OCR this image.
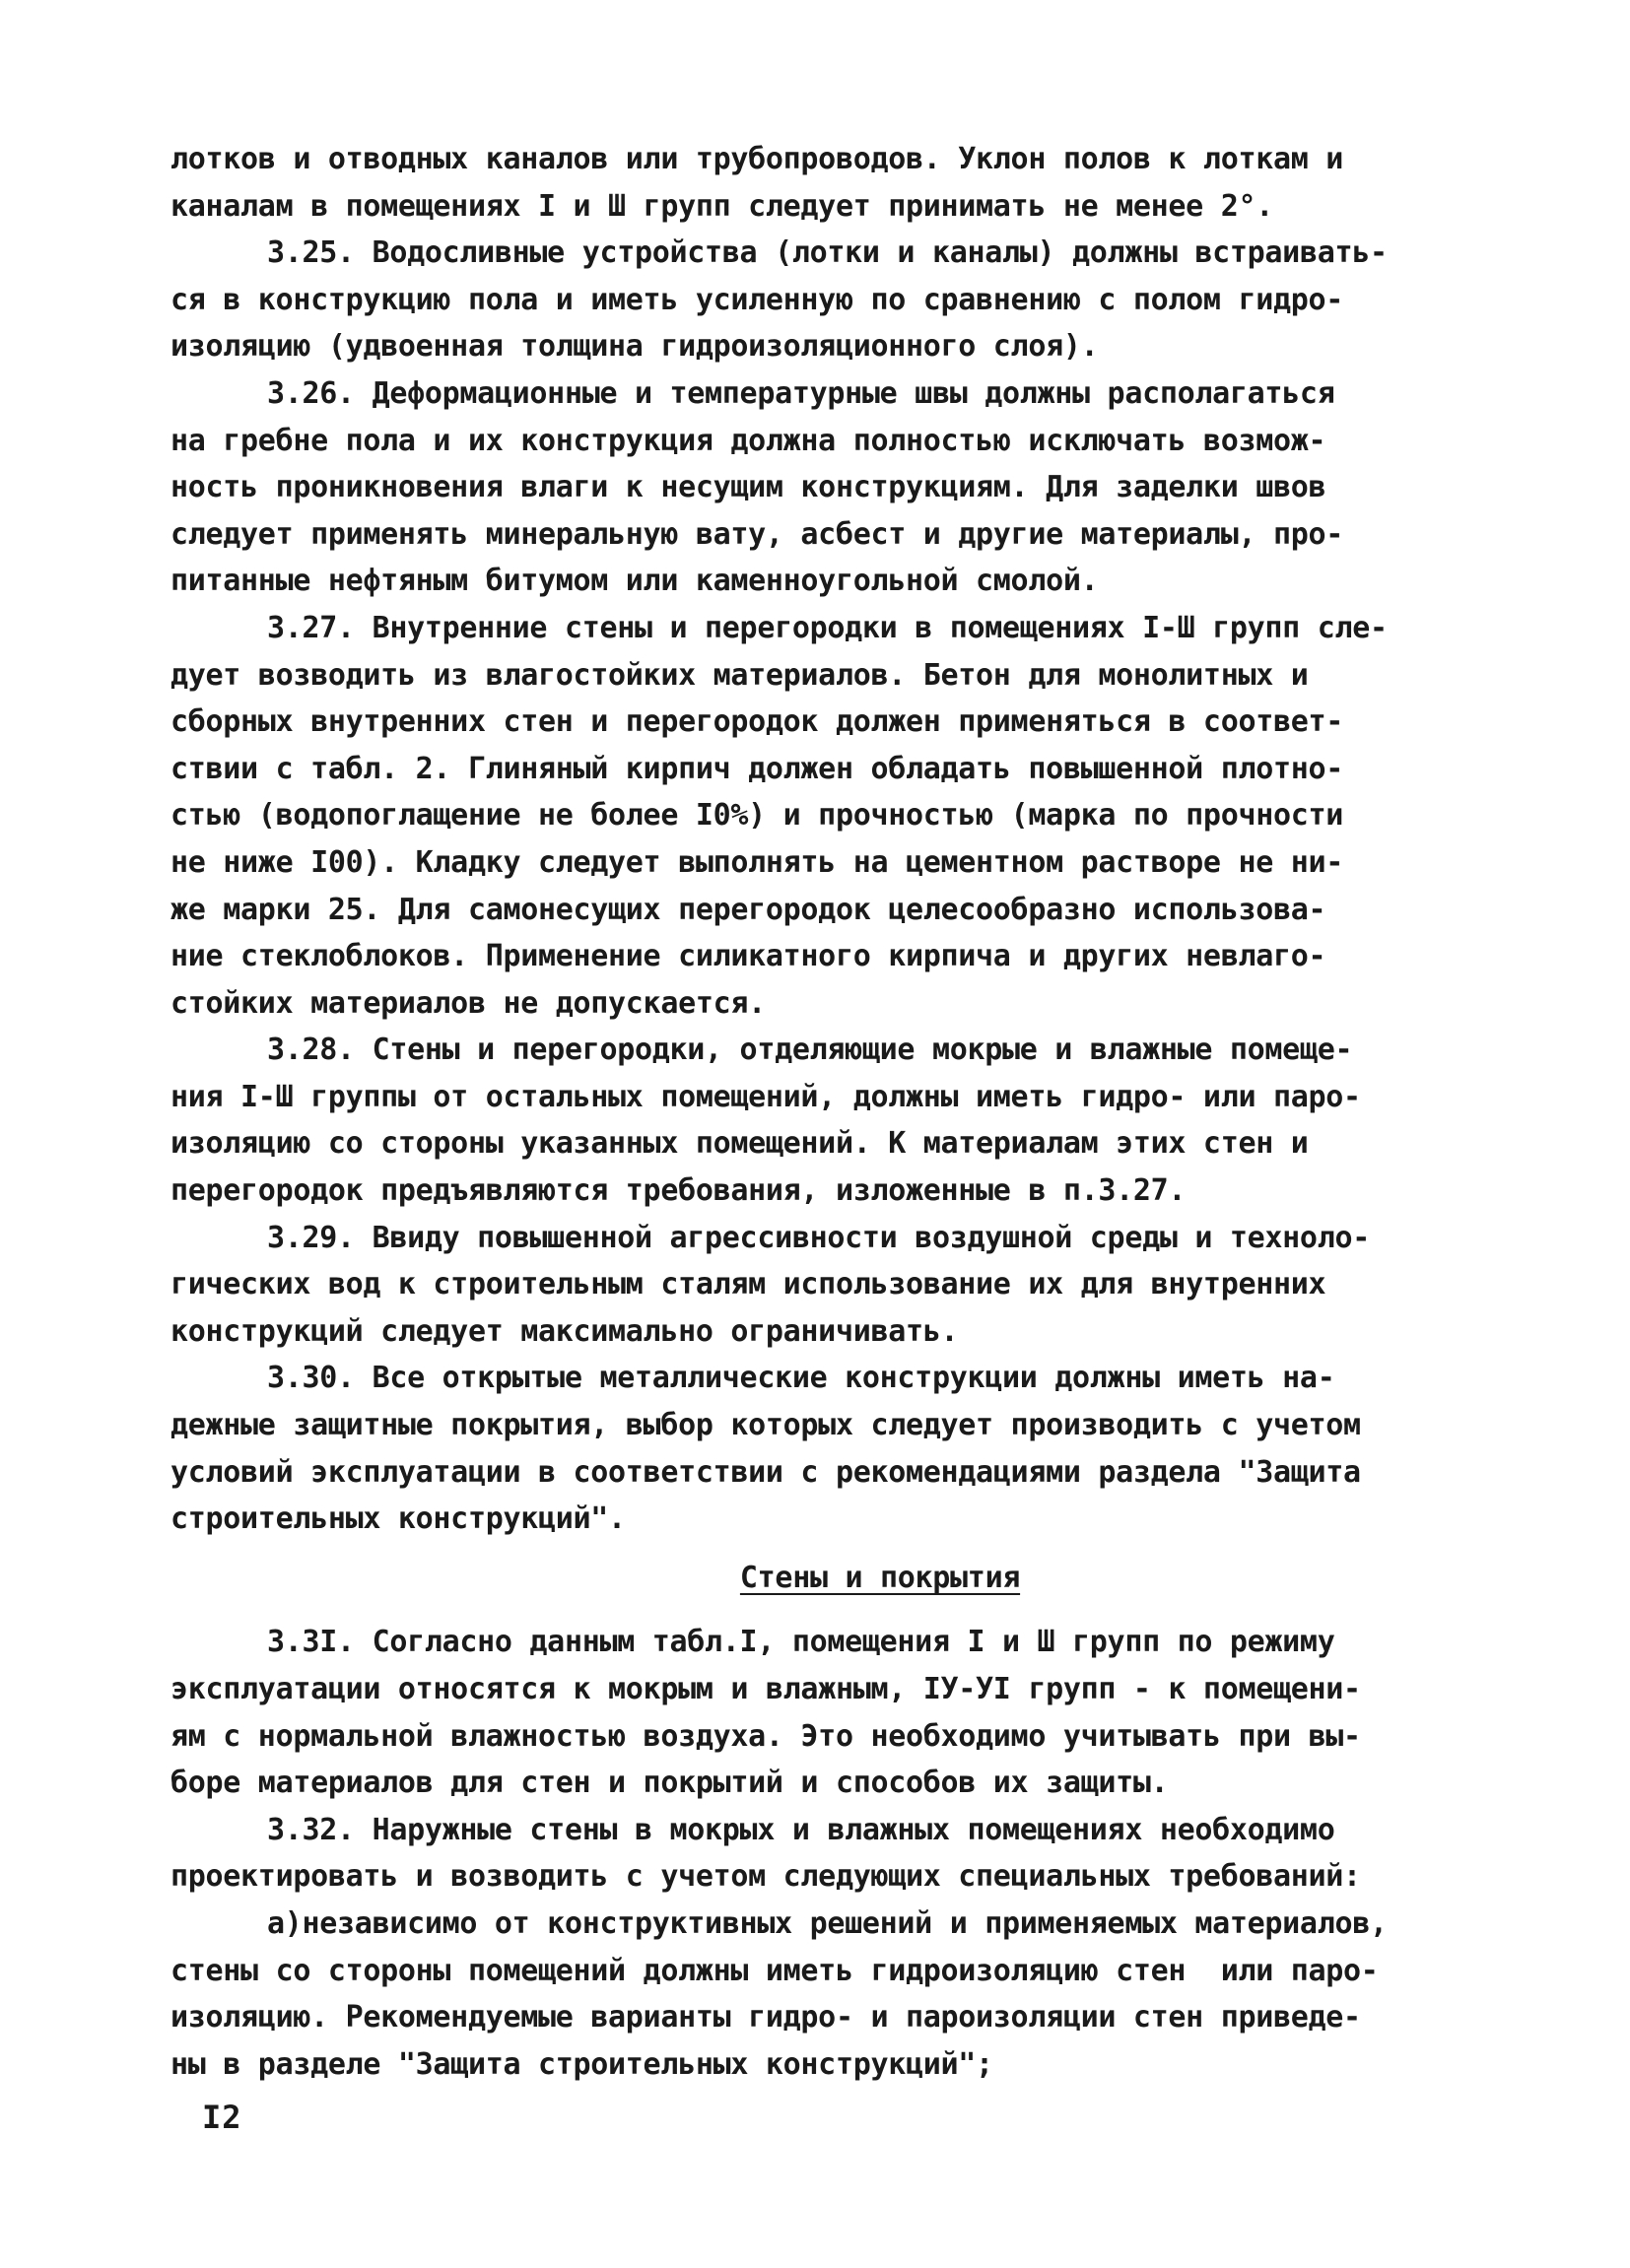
лотков и отводных каналов или трубопроводов. Уклон полов к лоткам и
каналам в помещениях I и Ш групп следует принимать не менее 2°.
3.25. Водосливные устройства (лотки и каналы) должны встраивать-
ся в конструкцию пола и иметь усиленную по сравнению с полом гидро-
изоляцию (удвоенная толщина гидроизоляционного слоя).
3.26. Деформационные и температурные швы должны располагаться
на гребне пола и их конструкция должна полностью исключать возмож-
ность проникновения влаги к несущим конструкциям. Для заделки швов
следует применять минеральную вату, асбест и другие материалы, про-
питанные нефтяным битумом или каменноугольной смолой.
3.27. Внутренние стены и перегородки в помещениях I-Ш групп сле-
дует возводить из влагостойких материалов. Бетон для монолитных и
сборных внутренних стен и перегородок должен применяться в соответ-
ствии с табл. 2. Глиняный кирпич должен обладать повышенной плотно-
стью (водопоглащение не более I0%) и прочностью (марка по прочности
не ниже I00). Кладку следует выполнять на цементном растворе не ни-
же марки 25. Для самонесущих перегородок целесообразно использова-
ние стеклоблоков. Применение силикатного кирпича и других невлаго-
стойких материалов не допускается.
3.28. Стены и перегородки, отделяющие мокрые и влажные помеще-
ния I-Ш группы от остальных помещений, должны иметь гидро- или паро-
изоляцию со стороны указанных помещений. К материалам этих стен и
перегородок предъявляются требования, изложенные в п.3.27.
3.29. Ввиду повышенной агрессивности воздушной среды и техноло-
гических вод к строительным сталям использование их для внутренних
конструкций следует максимально ограничивать.
3.30. Все открытые металлические конструкции должны иметь на-
дежные защитные покрытия, выбор которых следует производить с учетом
условий эксплуатации в соответствии с рекомендациями раздела "Защита
строительных конструкций".
Стены и покрытия
3.3I. Согласно данным табл.I, помещения I и Ш групп по режиму
эксплуатации относятся к мокрым и влажным, IУ-УI групп - к помещени-
ям с нормальной влажностью воздуха. Это необходимо учитывать при вы-
боре материалов для стен и покрытий и способов их защиты.
3.32. Наружные стены в мокрых и влажных помещениях необходимо
проектировать и возводить с учетом следующих специальных требований:
а)независимо от конструктивных решений и применяемых материалов,
стены со стороны помещений должны иметь гидроизоляцию стен  или паро-
изоляцию. Рекомендуемые варианты гидро- и пароизоляции стен приведе-
ны в разделе "Защита строительных конструкций";
I2
